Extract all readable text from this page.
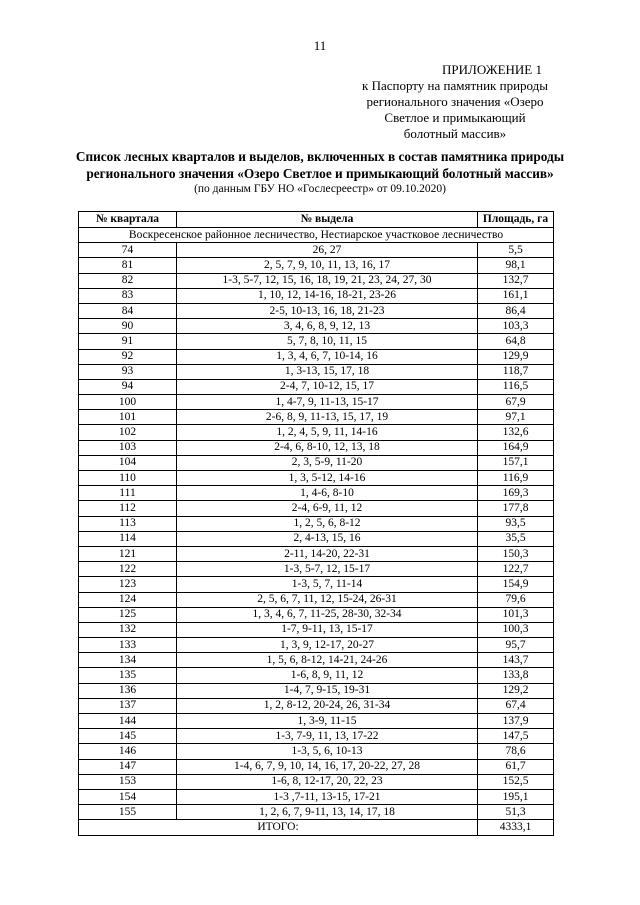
11
ПРИЛОЖЕНИЕ 1
к Паспорту на памятник природы
регионального значения «Озеро
Светлое и примыкающий
болотный массив»
Список лесных кварталов и выделов, включенных в состав памятника природы
регионального значения «Озеро Светлое и примыкающий болотный массив»
(по данным ГБУ НО «Гослесреестр» от 09.10.2020)
№ квартала	№ выдела	Площадь, га
Воскресенское районное лесничество, Нестиарское участковое лесничество		
74	26, 27	5,5
81	2, 5, 7, 9, 10, 11, 13, 16, 17	98,1
82	1-3, 5-7, 12, 15, 16, 18, 19, 21, 23, 24, 27, 30	132,7
83	1, 10, 12, 14-16, 18-21, 23-26	161,1
84	2-5, 10-13, 16, 18, 21-23	86,4
90	3, 4, 6, 8, 9, 12, 13	103,3
91	5, 7, 8, 10, 11, 15	64,8
92	1, 3, 4, 6, 7, 10-14, 16	129,9
93	1, 3-13, 15, 17, 18	118,7
94	2-4, 7, 10-12, 15, 17	116,5
100	1, 4-7, 9, 11-13, 15-17	67,9
101	2-6, 8, 9, 11-13, 15, 17, 19	97,1
102	1, 2, 4, 5, 9, 11, 14-16	132,6
103	2-4, 6, 8-10, 12, 13, 18	164,9
104	2, 3, 5-9, 11-20	157,1
110	1, 3, 5-12, 14-16	116,9
111	1, 4-6, 8-10	169,3
112	2-4, 6-9, 11, 12	177,8
113	1, 2, 5, 6, 8-12	93,5
114	2, 4-13, 15, 16	35,5
121	2-11, 14-20, 22-31	150,3
122	1-3, 5-7, 12, 15-17	122,7
123	1-3, 5, 7, 11-14	154,9
124	2, 5, 6, 7, 11, 12, 15-24, 26-31	79,6
125	1, 3, 4, 6, 7, 11-25, 28-30, 32-34	101,3
132	1-7, 9-11, 13, 15-17	100,3
133	1, 3, 9, 12-17, 20-27	95,7
134	1, 5, 6, 8-12, 14-21, 24-26	143,7
135	1-6, 8, 9, 11, 12	133,8
136	1-4, 7, 9-15, 19-31	129,2
137	1, 2, 8-12, 20-24, 26, 31-34	67,4
144	1, 3-9, 11-15	137,9
145	1-3, 7-9, 11, 13, 17-22	147,5
146	1-3, 5, 6, 10-13	78,6
147	1-4, 6, 7, 9, 10, 14, 16, 17, 20-22, 27, 28	61,7
153	1-6, 8, 12-17, 20, 22, 23	152,5
154	1-3 ,7-11, 13-15, 17-21	195,1
155	1, 2, 6, 7, 9-11, 13, 14, 17, 18	51,3
ИТОГО:		4333,1
